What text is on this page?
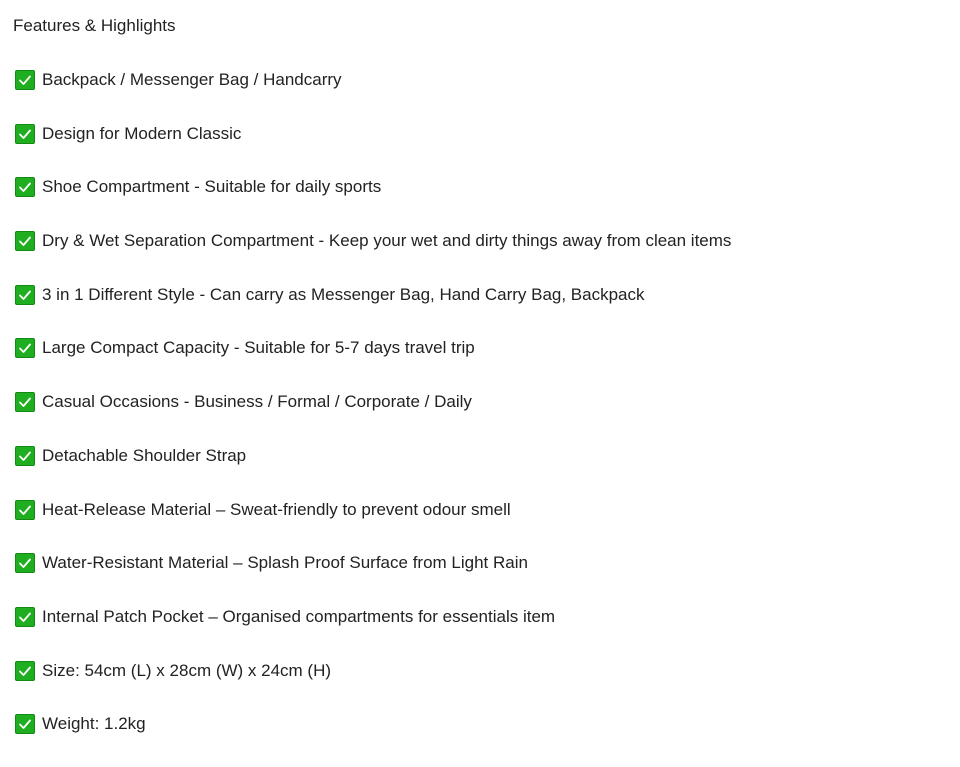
Features & Highlights
Backpack / Messenger Bag / Handcarry
Design for Modern Classic
Shoe Compartment - Suitable for daily sports
Dry & Wet Separation Compartment - Keep your wet and dirty things away from clean items
3 in 1 Different Style - Can carry as Messenger Bag, Hand Carry Bag, Backpack
Large Compact Capacity - Suitable for 5-7 days travel trip
Casual Occasions - Business / Formal / Corporate / Daily
Detachable Shoulder Strap
Heat-Release Material – Sweat-friendly to prevent odour smell
Water-Resistant Material – Splash Proof Surface from Light Rain
Internal Patch Pocket – Organised compartments for essentials item
Size: 54cm (L) x 28cm (W) x 24cm (H)
Weight: 1.2kg
